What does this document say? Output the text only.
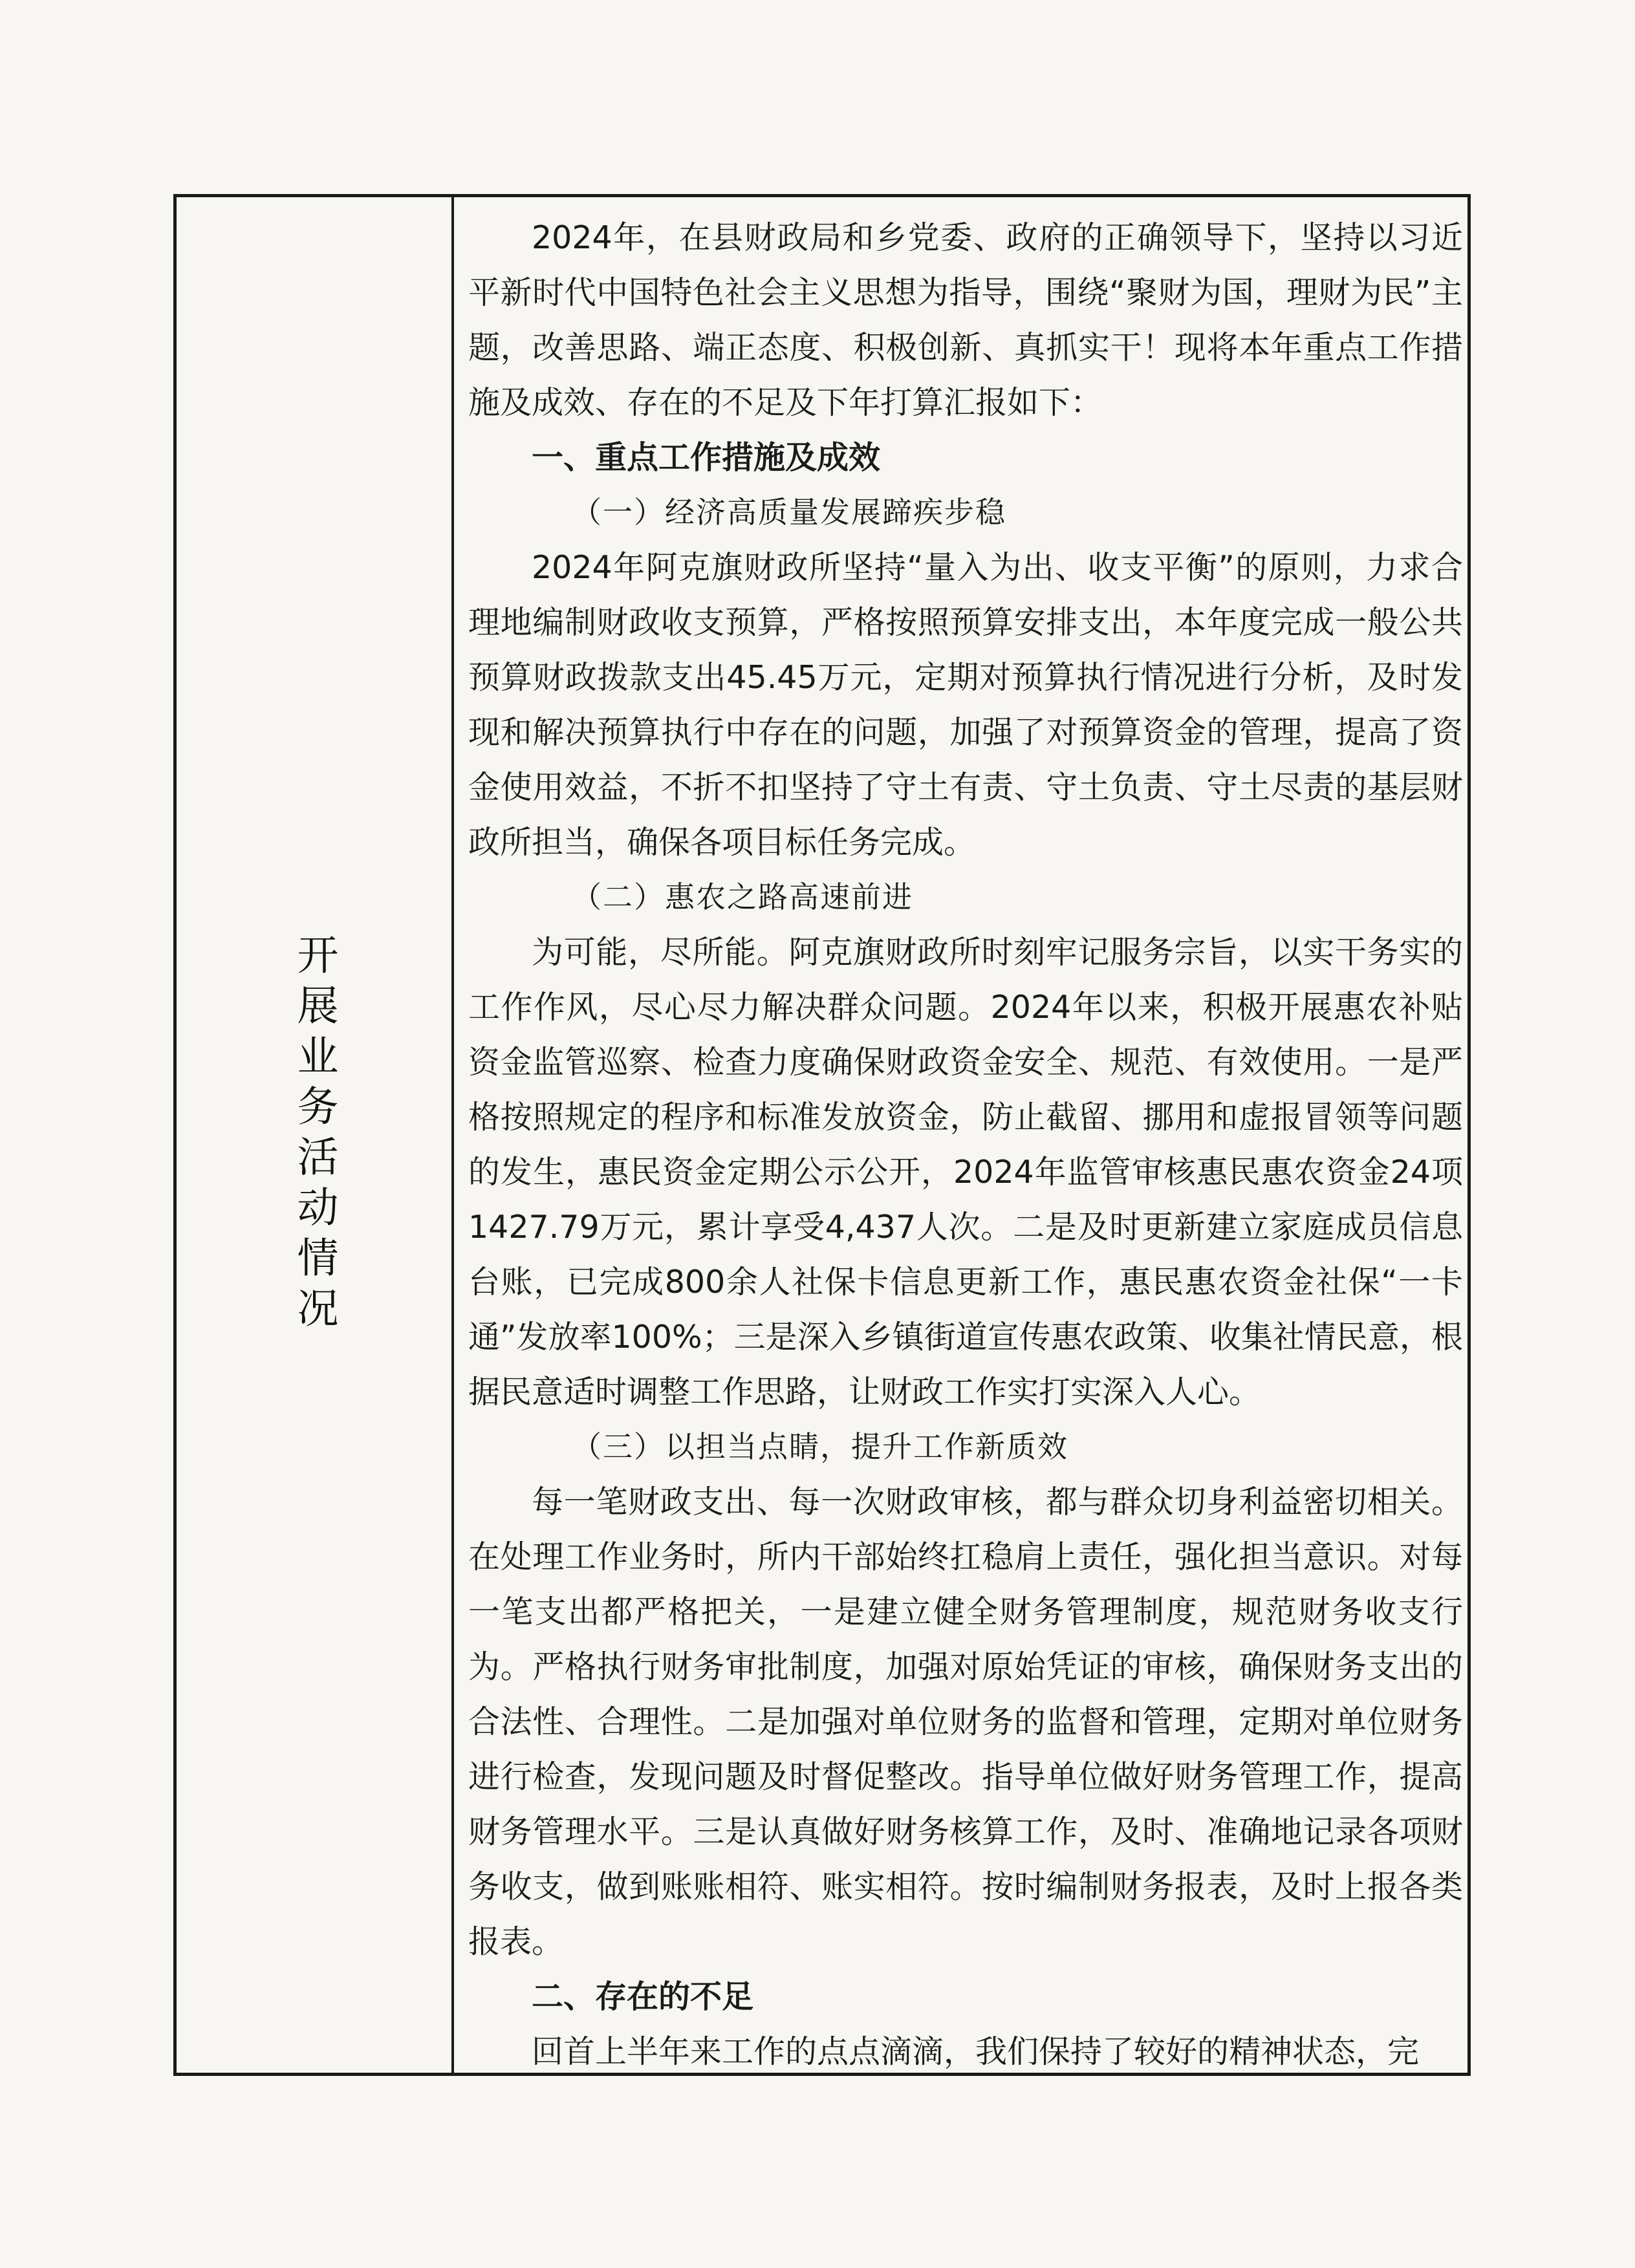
开展业务活动情况

2024年，在县财政局和乡党委、政府的正确领导下，坚持以习近平新时代中国特色社会主义思想为指导，围绕“聚财为国，理财为民”主题，改善思路、端正态度、积极创新、真抓实干！现将本年重点工作措施及成效、存在的不足及下年打算汇报如下：

一、重点工作措施及成效

（一）经济高质量发展蹄疾步稳

2024年阿克旗财政所坚持“量入为出、收支平衡”的原则，力求合理地编制财政收支预算，严格按照预算安排支出，本年度完成一般公共预算财政拨款支出45.45万元，定期对预算执行情况进行分析，及时发现和解决预算执行中存在的问题，加强了对预算资金的管理，提高了资金使用效益，不折不扣坚持了守土有责、守土负责、守土尽责的基层财政所担当，确保各项目标任务完成。

（二）惠农之路高速前进

为可能，尽所能。阿克旗财政所时刻牢记服务宗旨，以实干务实的工作作风，尽心尽力解决群众问题。2024年以来，积极开展惠农补贴资金监管巡察、检查力度确保财政资金安全、规范、有效使用。一是严格按照规定的程序和标准发放资金，防止截留、挪用和虚报冒领等问题的发生，惠民资金定期公示公开，2024年监管审核惠民惠农资金24项1427.79万元，累计享受4,437人次。二是及时更新建立家庭成员信息台账，已完成800余人社保卡信息更新工作，惠民惠农资金社保“一卡通”发放率100%；三是深入乡镇街道宣传惠农政策、收集社情民意，根据民意适时调整工作思路，让财政工作实打实深入人心。

（三）以担当点睛，提升工作新质效

每一笔财政支出、每一次财政审核，都与群众切身利益密切相关。在处理工作业务时，所内干部始终扛稳肩上责任，强化担当意识。对每一笔支出都严格把关，一是建立健全财务管理制度，规范财务收支行为。严格执行财务审批制度，加强对原始凭证的审核，确保财务支出的合法性、合理性。二是加强对单位财务的监督和管理，定期对单位财务进行检查，发现问题及时督促整改。指导单位做好财务管理工作，提高财务管理水平。三是认真做好财务核算工作，及时、准确地记录各项财务收支，做到账账相符、账实相符。按时编制财务报表，及时上报各类报表。

二、存在的不足

回首上半年来工作的点点滴滴，我们保持了较好的精神状态，完
